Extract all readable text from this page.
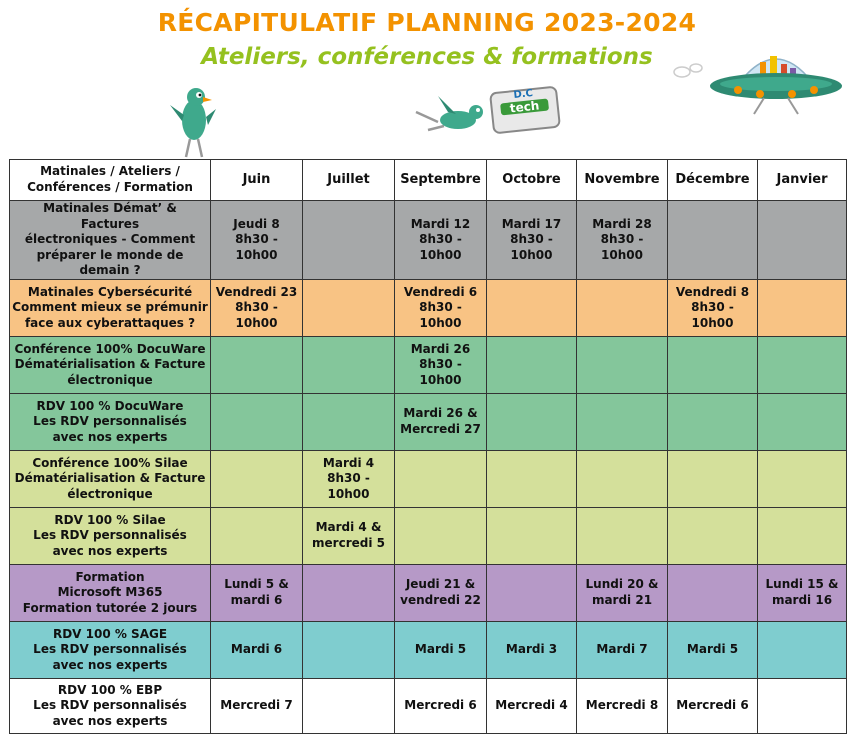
RÉCAPITULATIF PLANNING 2023-2024
Ateliers, conférences & formations
D.C
tech
Matinales / Ateliers /
Conférences / Formation	Juin	Juillet	Septembre	Octobre	Novembre	Décembre	Janvier

Matinales Démat’ & Factures
électroniques - Comment
préparer le monde de demain ?	Jeudi 8
8h30 - 10h00		Mardi 12
8h30 - 10h00	Mardi 17
8h30 - 10h00	Mardi 28
8h30 - 10h00		

Matinales Cybersécurité
Comment mieux se prémunir
face aux cyberattaques ?	Vendredi 23
8h30 - 10h00		Vendredi 6
8h30 - 10h00			Vendredi 8
8h30 - 10h00	

Conférence 100% DocuWare
Dématérialisation & Facture
électronique			Mardi 26
8h30 - 10h00				

RDV 100 % DocuWare
Les RDV personnalisés
avec nos experts			Mardi 26 &
Mercredi 27				

Conférence 100% Silae
Dématérialisation & Facture
électronique		Mardi 4
8h30 - 10h00					

RDV 100 % Silae
Les RDV personnalisés
avec nos experts		Mardi 4 &
mercredi 5					

Formation
Microsoft M365
Formation tutorée 2 jours	Lundi 5 &
mardi 6		Jeudi 21 &
vendredi 22		Lundi 20 &
mardi 21		Lundi 15 &
mardi 16

RDV 100 % SAGE
Les RDV personnalisés
avec nos experts	Mardi 6		Mardi 5	Mardi 3	Mardi 7	Mardi 5	

RDV 100 % EBP
Les RDV personnalisés
avec nos experts	Mercredi 7		Mercredi 6	Mercredi 4	Mercredi 8	Mercredi 6	
